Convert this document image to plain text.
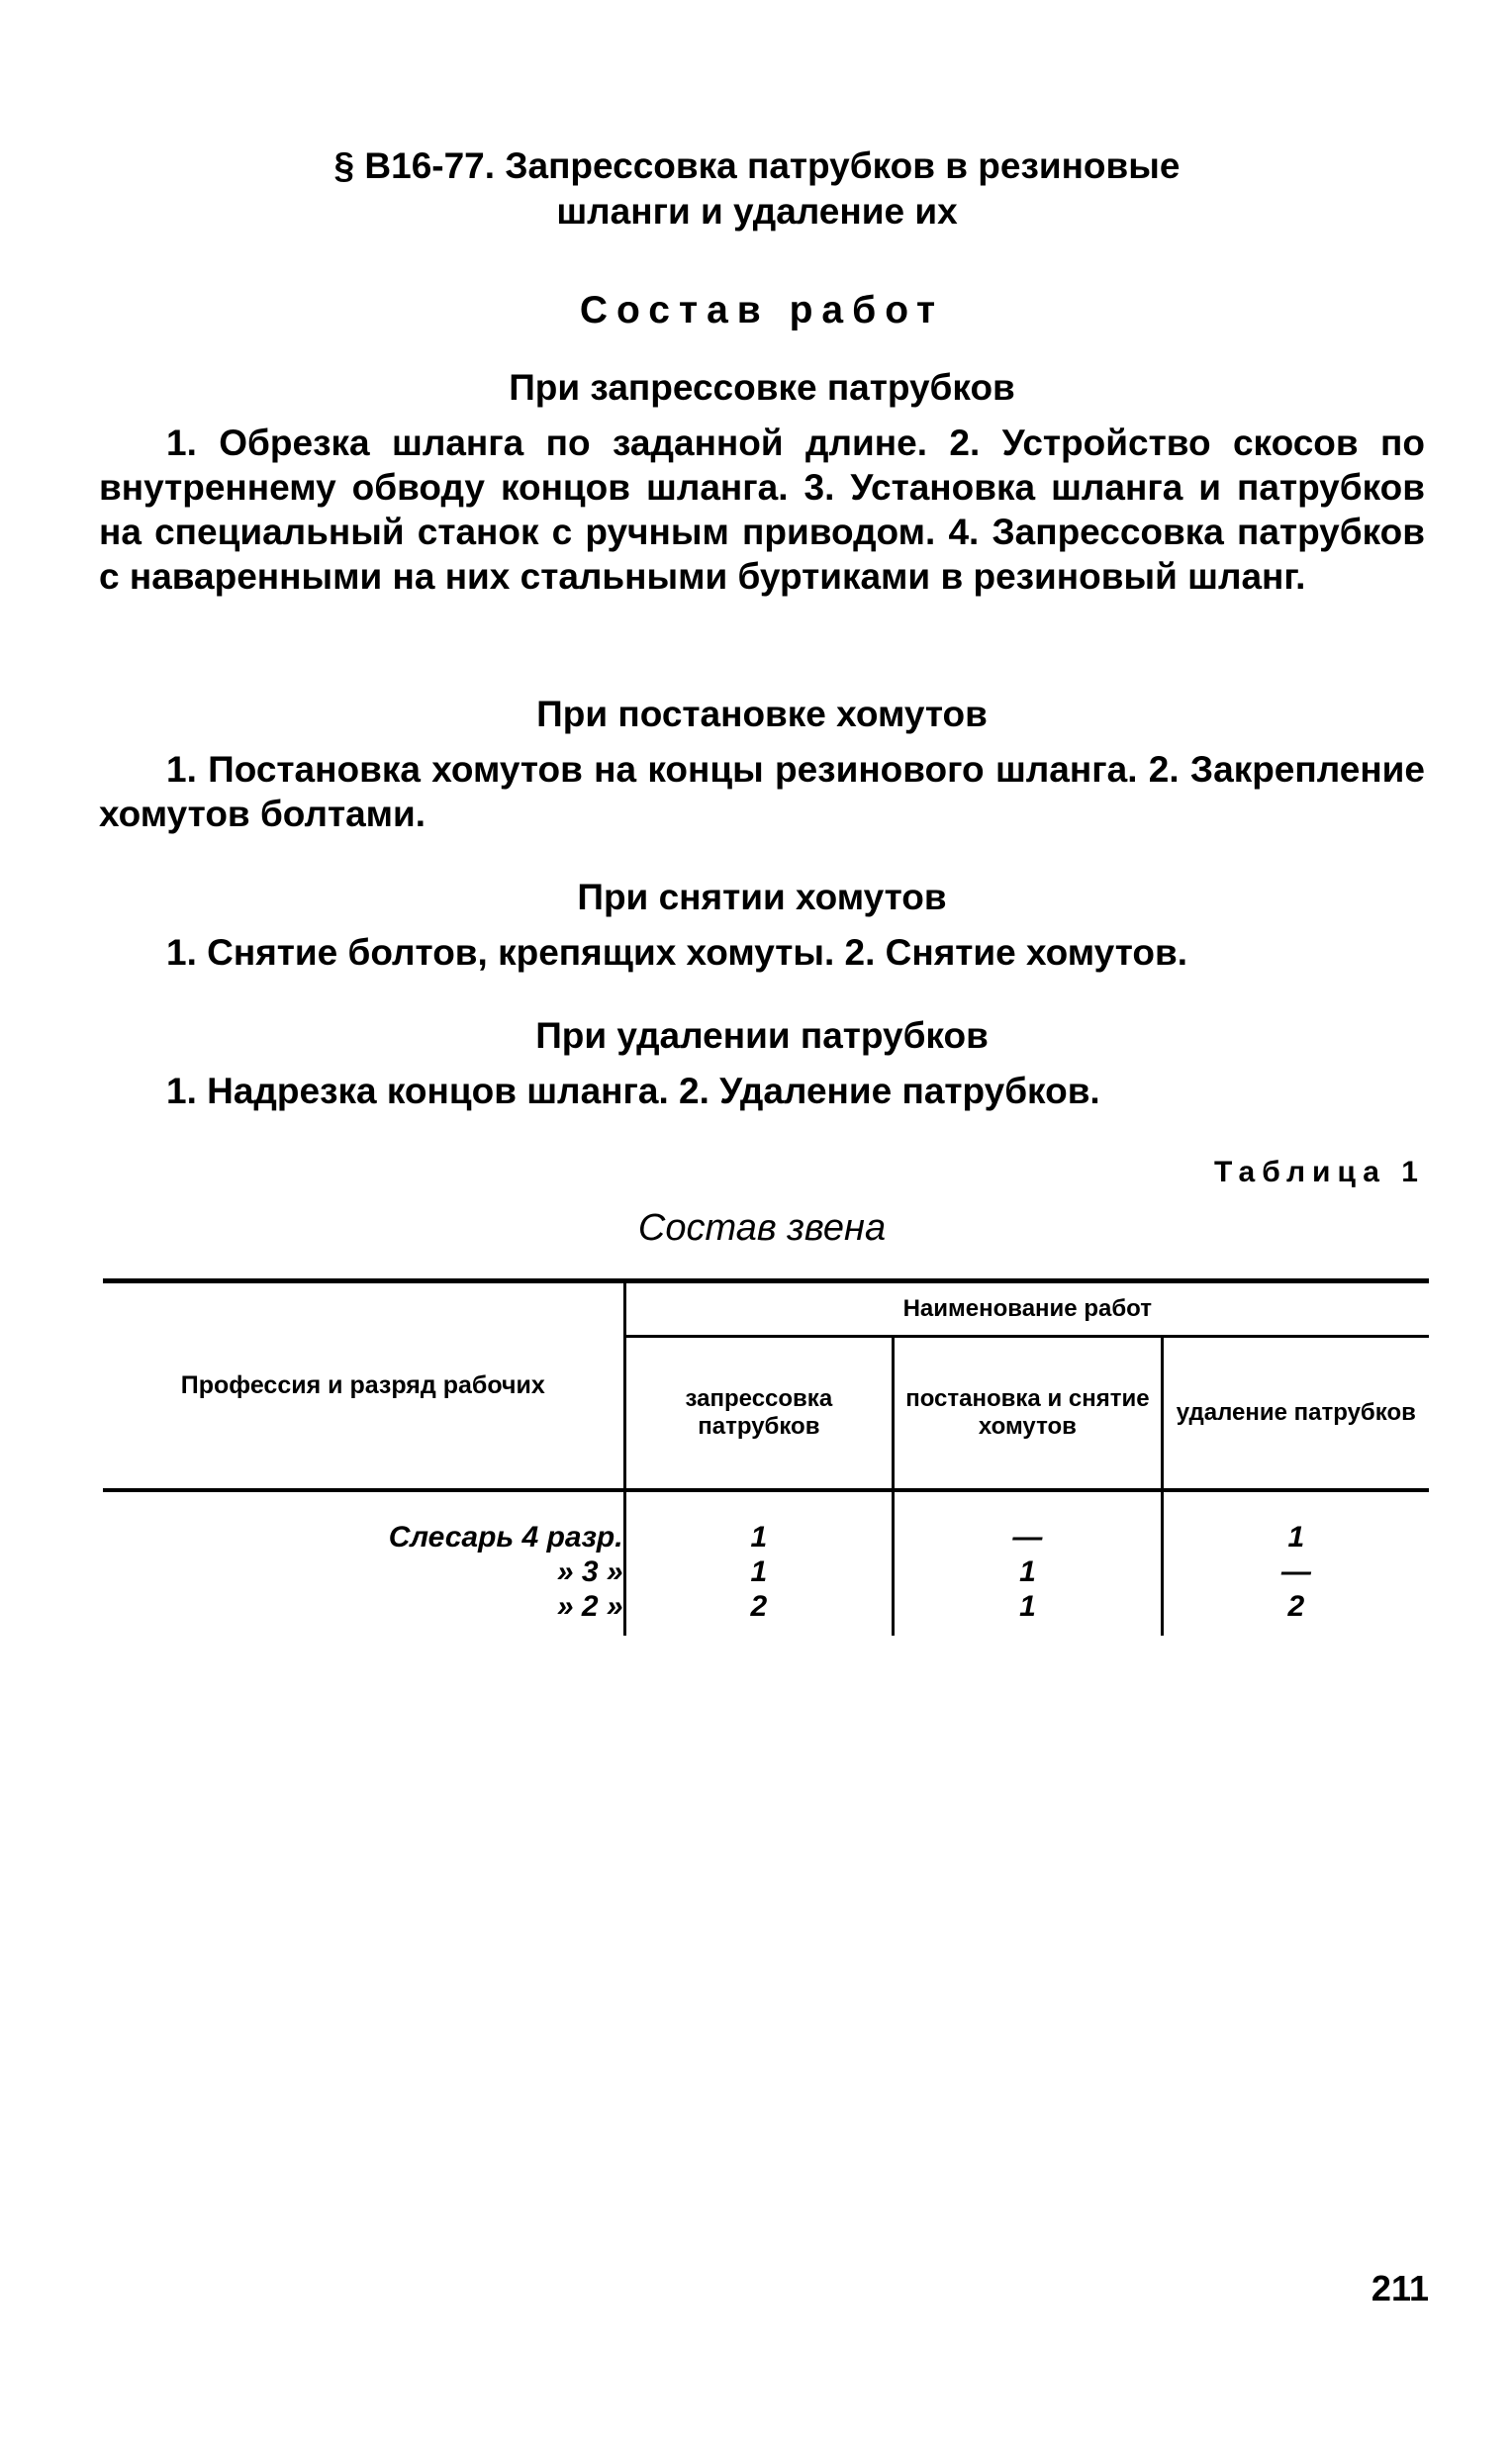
§ В16-77. Запрессовка патрубков в резиновые
шланги и удаление их
Состав работ
При запрессовке патрубков
1. Обрезка шланга по заданной длине. 2. Устройство скосов по внутреннему обводу концов шланга. 3. Установка шланга и патрубков на специальный станок с ручным приводом. 4. Запрессовка патрубков с наваренными на них стальными буртиками в резиновый шланг.
При постановке хомутов
1. Постановка хомутов на концы резинового шланга. 2. Закрепление хомутов болтами.
При снятии хомутов
1. Снятие болтов, крепящих хомуты. 2. Снятие хомутов.
При удалении патрубков
1. Надрезка концов шланга. 2. Удаление патрубков.
Таблица 1
Состав звена
Профессия и разряд рабочих	Наименование работ		
	запрессовка патрубков	постановка и снятие хомутов	удаление патрубков
Слесарь 4 разр.	1	—	1
» 3 »	1	1	—
» 2 »	2	1	2
211
